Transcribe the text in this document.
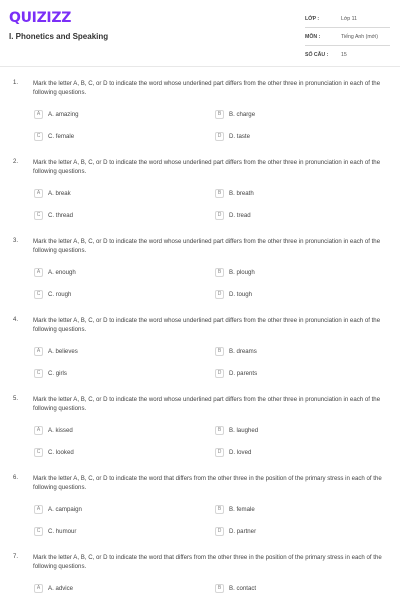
QUIZIZZ
I. Phonetics and Speaking
LỚP :	Lớp 11
MÔN :	Tiếng Anh (mới)
SỐ CÂU :	15
1. Mark the letter A, B, C, or D to indicate the word whose underlined part differs from the other three in pronunciation in each of the following questions.
A	A. amazing	B	B. charge
C	C. female	D	D. taste
2. Mark the letter A, B, C, or D to indicate the word whose underlined part differs from the other three in pronunciation in each of the following questions.
A	A. break	B	B. breath
C	C. thread	D	D. tread
3. Mark the letter A, B, C, or D to indicate the word whose underlined part differs from the other three in pronunciation in each of the following questions.
A	A. enough	B	B. plough
C	C. rough	D	D. tough
4. Mark the letter A, B, C, or D to indicate the word whose underlined part differs from the other three in pronunciation in each of the following questions.
A	A. believes	B	B. dreams
C	C. girls	D	D. parents
5. Mark the letter A, B, C, or D to indicate the word whose underlined part differs from the other three in pronunciation in each of the following questions.
A	A. kissed	B	B. laughed
C	C. looked	D	D. loved
6. Mark the letter A, B, C, or D to indicate the word that differs from the other three in the position of the primary stress in each of the following questions.
A	A. campaign	B	B. female
C	C. humour	D	D. partner
7. Mark the letter A, B, C, or D to indicate the word that differs from the other three in the position of the primary stress in each of the following questions.
A	A. advice	B	B. contact
